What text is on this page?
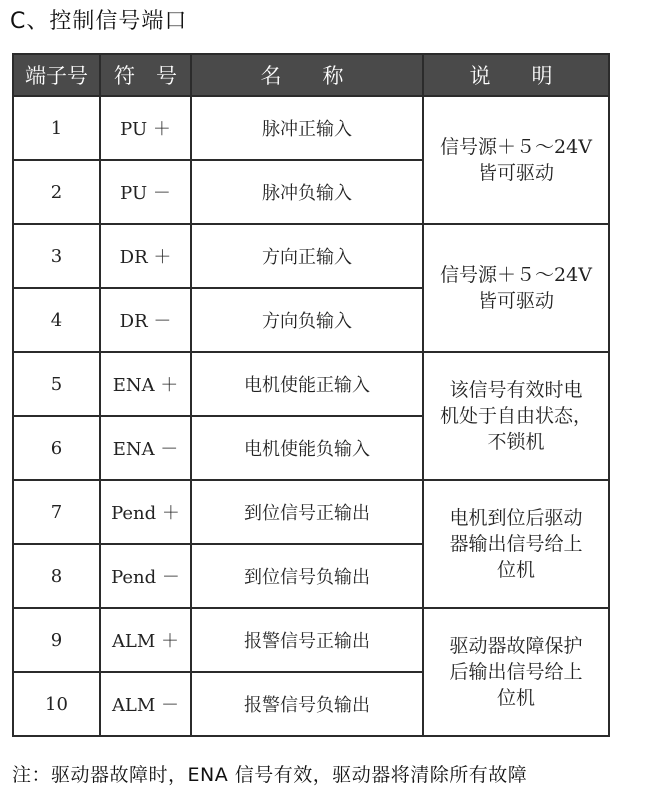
C、控制信号端口
端子号	符　号	名　称	说　明
1	PU ＋	脉冲正输入	信号源＋５～24V
皆可驱动

2	PU －	脉冲负输入	
3	DR ＋	方向正输入	信号源＋５～24V
皆可驱动

4	DR －	方向负输入	
5	ENA ＋	电机使能正输入	该信号有效时电
机处于自由状态，
不锁机

6	ENA －	电机使能负输入	
7	Pend ＋	到位信号正输出	电机到位后驱动
器输出信号给上
位机

8	Pend －	到位信号负输出	
9	ALM ＋	报警信号正输出	驱动器故障保护
后输出信号给上
位机

10	ALM －	报警信号负输出	
注：驱动器故障时，ENA 信号有效，驱动器将清除所有故障
